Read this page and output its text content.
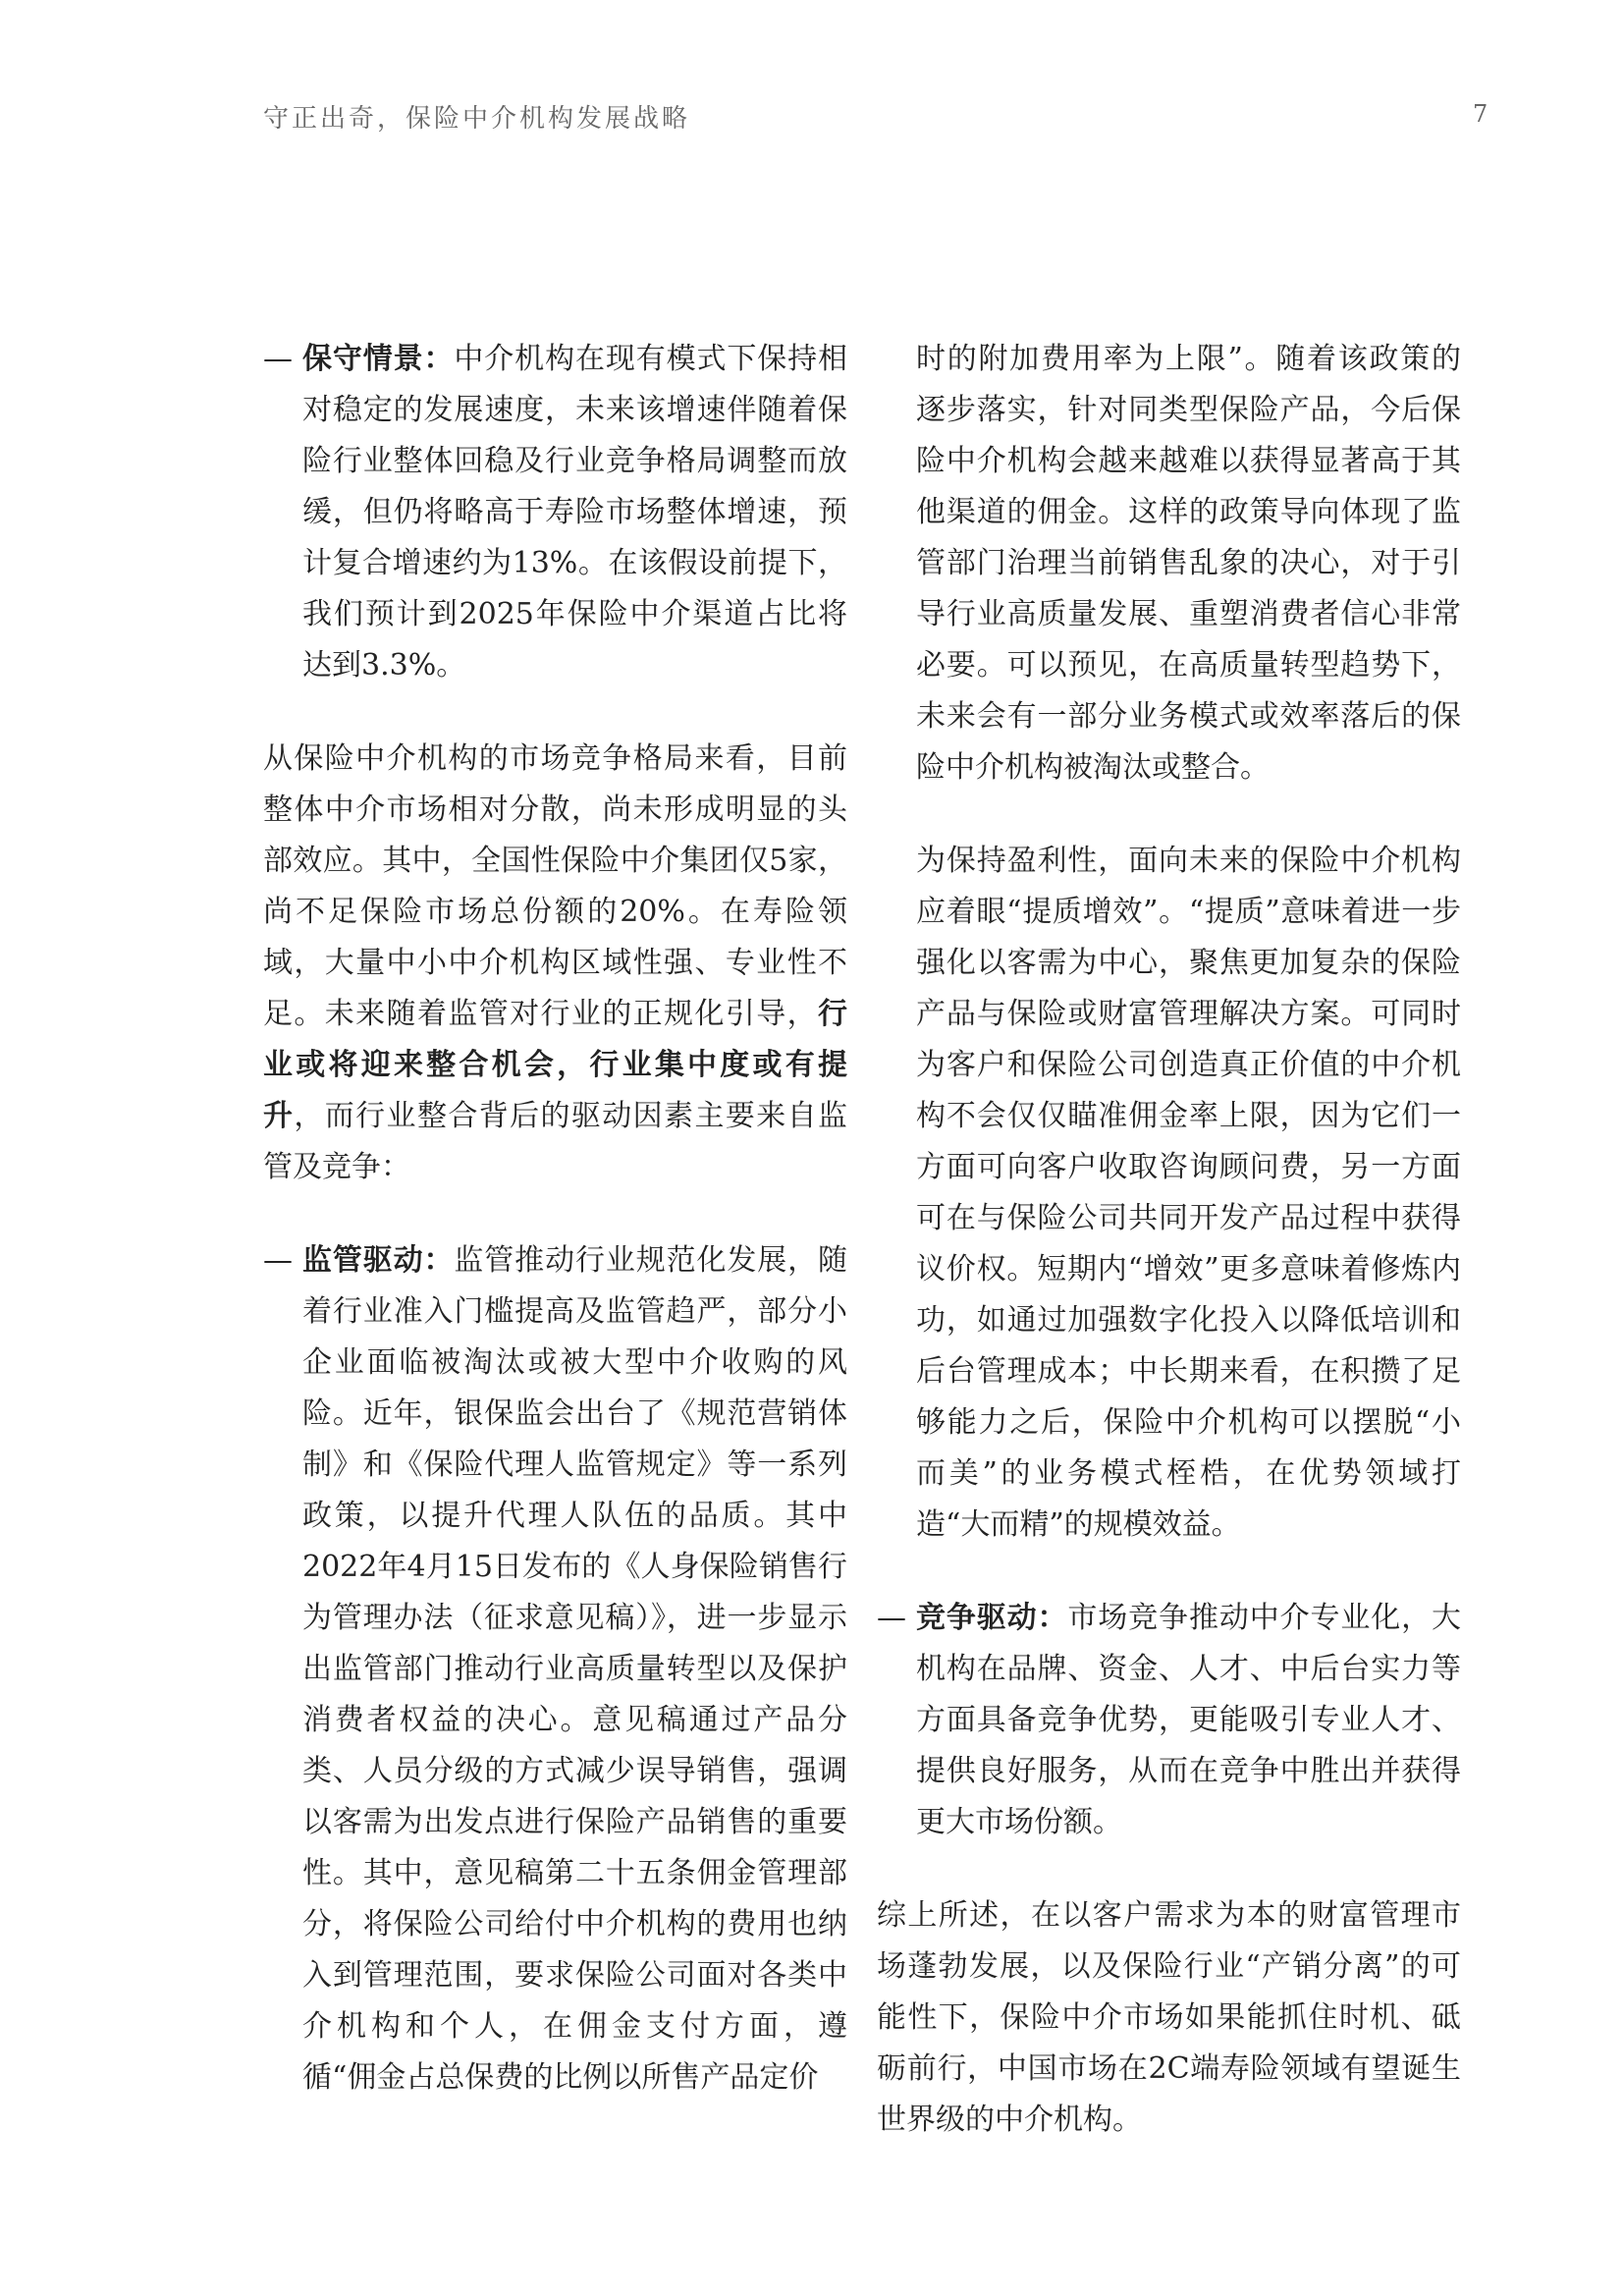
守正出奇，保险中介机构发展战略	7

— 保守情景：中介机构在现有模式下保持相对稳定的发展速度，未来该增速伴随着保险行业整体回稳及行业竞争格局调整而放缓，但仍将略高于寿险市场整体增速，预计复合增速约为13%。在该假设前提下，我们预计到2025年保险中介渠道占比将达到3.3%。

从保险中介机构的市场竞争格局来看，目前整体中介市场相对分散，尚未形成明显的头部效应。其中，全国性保险中介集团仅5家，尚不足保险市场总份额的20%。在寿险领域，大量中小中介机构区域性强、专业性不足。未来随着监管对行业的正规化引导，行业或将迎来整合机会，行业集中度或有提升，而行业整合背后的驱动因素主要来自监管及竞争：

— 监管驱动：监管推动行业规范化发展，随着行业准入门槛提高及监管趋严，部分小企业面临被淘汰或被大型中介收购的风险。近年，银保监会出台了《规范营销体制》和《保险代理人监管规定》等一系列政策，以提升代理人队伍的品质。其中2022年4月15日发布的《人身保险销售行为管理办法（征求意见稿）》，进一步显示出监管部门推动行业高质量转型以及保护消费者权益的决心。意见稿通过产品分类、人员分级的方式减少误导销售，强调以客需为出发点进行保险产品销售的重要性。其中，意见稿第二十五条佣金管理部分，将保险公司给付中介机构的费用也纳入到管理范围，要求保险公司面对各类中介机构和个人，在佣金支付方面，遵循“佣金占总保费的比例以所售产品定价

时的附加费用率为上限”。随着该政策的逐步落实，针对同类型保险产品，今后保险中介机构会越来越难以获得显著高于其他渠道的佣金。这样的政策导向体现了监管部门治理当前销售乱象的决心，对于引导行业高质量发展、重塑消费者信心非常必要。可以预见，在高质量转型趋势下，未来会有一部分业务模式或效率落后的保险中介机构被淘汰或整合。

为保持盈利性，面向未来的保险中介机构应着眼“提质增效”。“提质”意味着进一步强化以客需为中心，聚焦更加复杂的保险产品与保险或财富管理解决方案。可同时为客户和保险公司创造真正价值的中介机构不会仅仅瞄准佣金率上限，因为它们一方面可向客户收取咨询顾问费，另一方面可在与保险公司共同开发产品过程中获得议价权。短期内“增效”更多意味着修炼内功，如通过加强数字化投入以降低培训和后台管理成本；中长期来看，在积攒了足够能力之后，保险中介机构可以摆脱“小而美”的业务模式桎梏，在优势领域打造“大而精”的规模效益。

— 竞争驱动：市场竞争推动中介专业化，大机构在品牌、资金、人才、中后台实力等方面具备竞争优势，更能吸引专业人才、提供良好服务，从而在竞争中胜出并获得更大市场份额。

综上所述，在以客户需求为本的财富管理市场蓬勃发展，以及保险行业“产销分离”的可能性下，保险中介市场如果能抓住时机、砥砺前行，中国市场在2C端寿险领域有望诞生世界级的中介机构。
